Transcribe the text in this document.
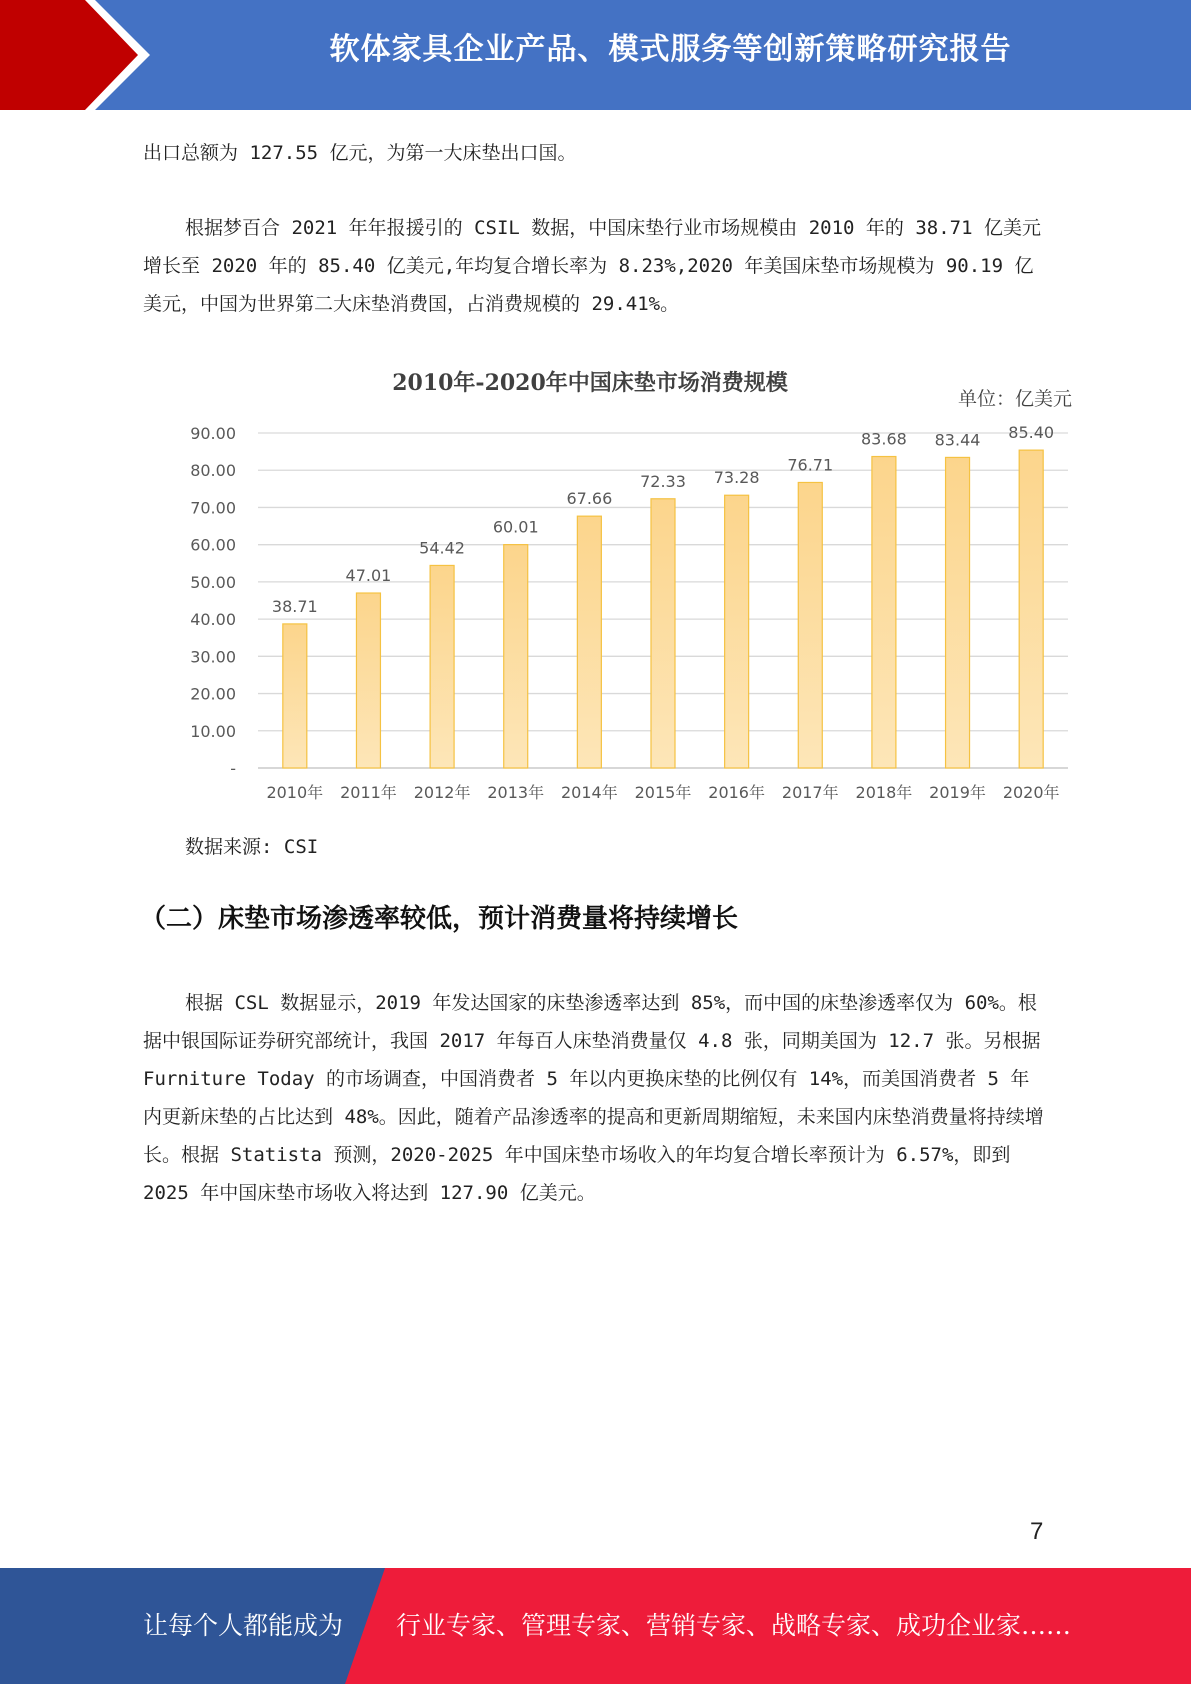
软体家具企业产品、模式服务等创新策略研究报告
出口总额为 127.55 亿元，为第一大床垫出口国。
根据梦百合 2021 年年报援引的 CSIL 数据，中国床垫行业市场规模由 2010 年的 38.71 亿美元增长至 2020 年的 85.40 亿美元,年均复合增长率为 8.23%,2020 年美国床垫市场规模为 90.19 亿美元，中国为世界第二大床垫消费国，占消费规模的 29.41%。
2010年-2020年中国床垫市场消费规模
单位：亿美元
-
10.00
20.00
30.00
40.00
50.00
60.00
70.00
80.00
90.00
38.71
2010年
47.01
2011年
54.42
2012年
60.01
2013年
67.66
2014年
72.33
2015年
73.28
2016年
76.71
2017年
83.68
2018年
83.44
2019年
85.40
2020年
数据来源: CSI
（二）床垫市场渗透率较低，预计消费量将持续增长
根据 CSL 数据显示，2019 年发达国家的床垫渗透率达到 85%，而中国的床垫渗透率仅为 60%。根据中银国际证券研究部统计，我国 2017 年每百人床垫消费量仅 4.8 张，同期美国为 12.7 张。另根据 Furniture Today 的市场调查，中国消费者 5 年以内更换床垫的比例仅有 14%，而美国消费者 5 年内更新床垫的占比达到 48%。因此，随着产品渗透率的提高和更新周期缩短，未来国内床垫消费量将持续增长。根据 Statista 预测，2020-2025 年中国床垫市场收入的年均复合增长率预计为 6.57%，即到 2025 年中国床垫市场收入将达到 127.90 亿美元。
7
让每个人都能成为 行业专家、管理专家、营销专家、战略专家、成功企业家……
